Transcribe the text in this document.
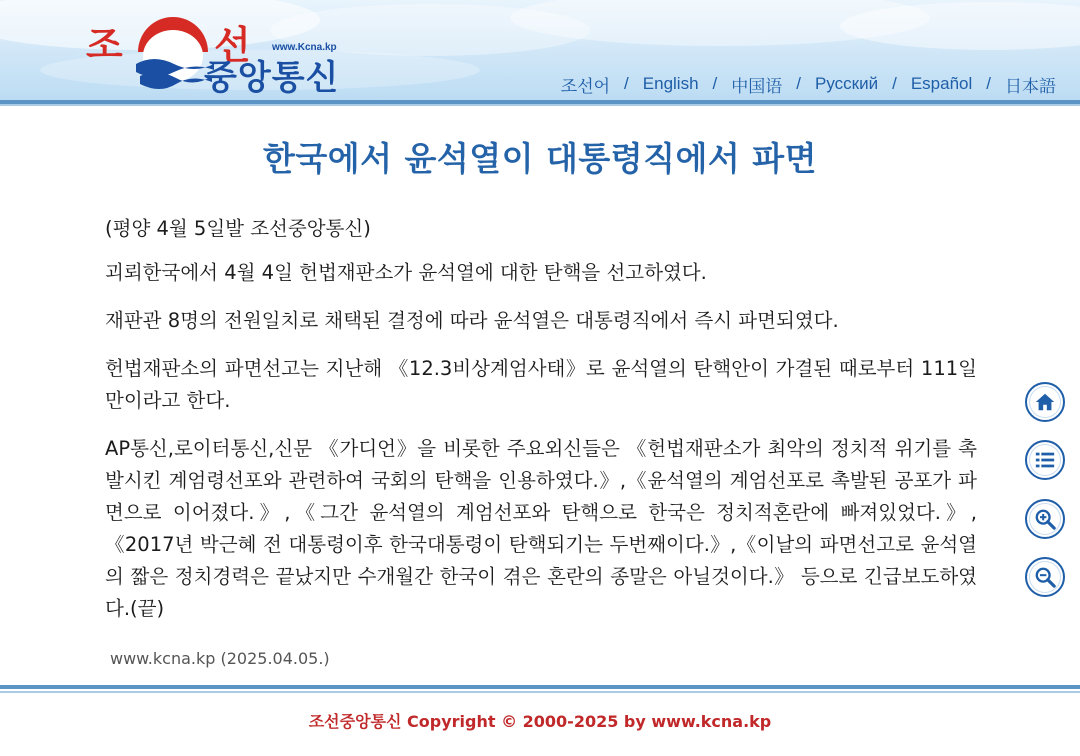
조 선 www.Kcna.kp
중앙통신	조선어 / English / 中国语 / Русский / Español / 日本語
한국에서 윤석열이 대통령직에서 파면

(평양 4월 5일발 조선중앙통신)

괴뢰한국에서 4월 4일 헌법재판소가 윤석열에 대한 탄핵을 선고하였다.

재판관 8명의 전원일치로 채택된 결정에 따라 윤석열은 대통령직에서 즉시 파면되였다.

헌법재판소의 파면선고는 지난해 《12.3비상계엄사태》로 윤석열의 탄핵안이 가결된 때로부터 111일만이라고 한다.

AP통신,로이터통신,신문 《가디언》을 비롯한 주요외신들은 《헌법재판소가 최악의 정치적 위기를 촉발시킨 계엄령선포와 관련하여 국회의 탄핵을 인용하였다.》,《윤석열의 계엄선포로 촉발된 공포가 파면으로 이어졌다.》,《그간 윤석열의 계엄선포와 탄핵으로 한국은 정치적혼란에 빠져있었다.》,《2017년 박근혜 전 대통령이후 한국대통령이 탄핵되기는 두번째이다.》,《이날의 파면선고로 윤석열의 짧은 정치경력은 끝났지만 수개월간 한국이 겪은 혼란의 종말은 아닐것이다.》 등으로 긴급보도하였다.(끝)

www.kcna.kp (2025.04.05.)
조선중앙통신 Copyright © 2000-2025 by www.kcna.kp
